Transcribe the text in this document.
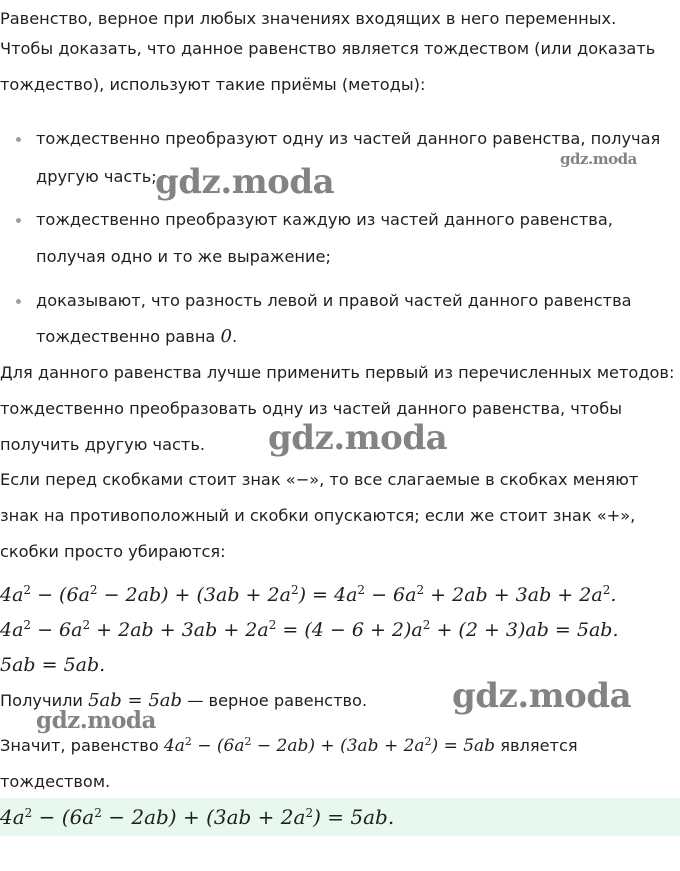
Равенство, верное при любых значениях входящих в него переменных.
Чтобы доказать, что данное равенство является тождеством (или доказать
тождество), используют такие приёмы (методы):
тождественно преобразуют одну из частей данного равенства, получая
другую часть;
тождественно преобразуют каждую из частей данного равенства,
получая одно и то же выражение;
доказывают, что разность левой и правой частей данного равенства
тождественно равна 0.
Для данного равенства лучше применить первый из перечисленных методов:
тождественно преобразовать одну из частей данного равенства, чтобы
получить другую часть.
Если перед скобками стоит знак «−», то все слагаемые в скобках меняют
знак на противоположный и скобки опускаются; если же стоит знак «+»,
скобки просто убираются:
$4a^2 - (6a^2 - 2ab) + (3ab + 2a^2) = 4a^2 - 6a^2 + 2ab + 3ab + 2a^2$.
$4a^2 - 6a^2 + 2ab + 3ab + 2a^2 = (4 - 6 + 2)a^2 + (2 + 3)ab = 5ab$.
5ab = 5ab.
Получили 5ab = 5ab — верное равенство.
Значит, равенство $4a^2 - (6a^2 - 2ab) + (3ab + 2a^2) = 5ab$ является
тождеством.
$4a^2 - (6a^2 - 2ab) + (3ab + 2a^2) = 5ab$.
gdz.moda
gdz.moda
gdz.moda
gdz.moda
gdz.moda
